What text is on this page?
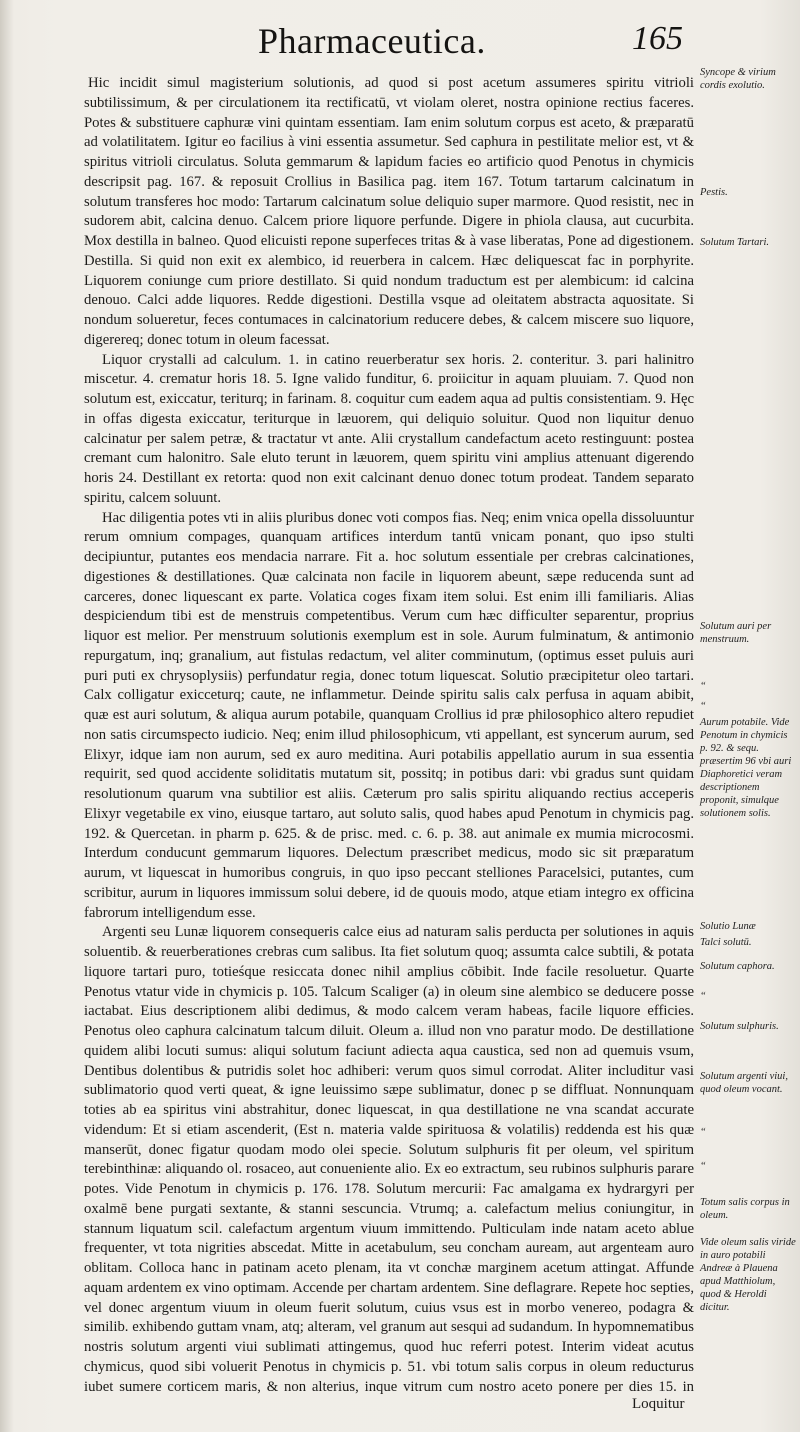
Pharmaceutica.	165

Hic incidit simul magisterium solutionis, ad quod si post acetum assumeres spiritu vitrioli subtilissimum, & per circulationem ita rectificatū, vt violam oleret, nostra opinione rectius faceres. Potes & substituere caphuræ vini quintam essentiam. Iam enim solutum corpus est aceto, & præparatū ad volatilitatem. Igitur eo facilius à vini essentia assumetur. Sed caphura in pestilitate melior est, vt & spiritus vitrioli circulatus. Soluta gemmarum & lapidum facies eo artificio quod Penotus in chymicis descripsit pag. 167. & reposuit Crollius in Basilica pag. item 167. Totum tartarum calcinatum in solutum transferes hoc modo: Tartarum calcinatum solue deliquio super marmore. Quod resistit, nec in sudorem abit, calcina denuo. Calcem priore liquore perfunde. Digere in phiola clausa, aut cucurbita. Mox destilla in balneo. Quod elicuisti repone superfeces tritas & à vase liberatas, Pone ad digestionem. Destilla. Si quid non exit ex alembico, id reuerbera in calcem. Hæc deliquescat fac in porphyrite. Liquorem coniunge cum priore destillato. Si quid nondum traductum est per alembicum: id calcina denouo. Calci adde liquores. Redde digestioni. Destilla vsque ad oleitatem abstracta aquositate. Si nondum solueretur, feces contumaces in calcinatorium reducere debes, & calcem miscere suo liquore, digerereq; donec totum in oleum facessat.

Liquor crystalli ad calculum. 1. in catino reuerberatur sex horis. 2. conteritur. 3. pari halinitro miscetur. 4. crematur horis 18. 5. Igne valido funditur, 6. proiicitur in aquam pluuiam. 7. Quod non solutum est, exiccatur, teriturq; in farinam. 8. coquitur cum eadem aqua ad pultis consistentiam. 9. Hęc in offas digesta exiccatur, teriturque in læuorem, qui deliquio soluitur. Quod non liquitur denuo calcinatur per salem petræ, & tractatur vt ante. Alii crystallum candefactum aceto restinguunt: postea cremant cum halonitro. Sale eluto terunt in læuorem, quem spiritu vini amplius attenuant digerendo horis 24. Destillant ex retorta: quod non exit calcinant denuo donec totum prodeat. Tandem separato spiritu, calcem soluunt.

Hac diligentia potes vti in aliis pluribus donec voti compos fias. Neq; enim vnica opella dissoluuntur rerum omnium compages, quanquam artifices interdum tantū vnicam ponant, quo ipso stulti decipiuntur, putantes eos mendacia narrare. Fit a. hoc solutum essentiale per crebras calcinationes, digestiones & destillationes. Quæ calcinata non facile in liquorem abeunt, sæpe reducenda sunt ad carceres, donec liquescant ex parte. Volatica coges fixam item solui. Est enim illi familiaris. Alias despiciendum tibi est de menstruis competentibus. Verum cum hæc difficulter separentur, proprius liquor est melior. Per menstruum solutionis exemplum est in sole. Aurum fulminatum, & antimonio repurgatum, inq; granalium, aut fistulas redactum, vel aliter comminutum, (optimus esset puluis auri puri puti ex chrysoplysiis) perfundatur regia, donec totum liquescat. Solutio præcipitetur oleo tartari. Calx colligatur exicceturq; caute, ne inflammetur. Deinde spiritu salis calx perfusa in aquam abibit, quæ est auri solutum, & aliqua aurum potabile, quanquam Crollius id præ philosophico altero repudiet non satis circumspecto iudicio. Neq; enim illud philosophicum, vti appellant, est syncerum aurum, sed Elixyr, idque iam non aurum, sed ex auro meditina. Auri potabilis appellatio aurum in sua essentia requirit, sed quod accidente soliditatis mutatum sit, possitq; in potibus dari: vbi gradus sunt quidam resolutionum quarum vna subtilior est aliis. Cæterum pro salis spiritu aliquando rectius acceperis Elixyr vegetabile ex vino, eiusque tartaro, aut soluto salis, quod habes apud Penotum in chymicis pag. 192. & Quercetan. in pharm p. 625. & de prisc. med. c. 6. p. 38. aut animale ex mumia microcosmi. Interdum conducunt gemmarum liquores. Delectum præscribet medicus, modo sic sit præparatum aurum, vt liquescat in humoribus congruis, in quo ipso peccant stelliones Paracelsici, putantes, cum scribitur, aurum in liquores immissum solui debere, id de quouis modo, atque etiam integro ex officina fabrorum intelligendum esse.

Argenti seu Lunæ liquorem consequeris calce eius ad naturam salis perducta per solutiones in aquis soluentib. & reuerberationes crebras cum salibus. Ita fiet solutum quoq; assumta calce subtili, & potata liquore tartari puro, totieśque resiccata donec nihil amplius cōbibit. Inde facile resoluetur. Quarte Penotus vtatur vide in chymicis p. 105. Talcum Scaliger (a) in oleum sine alembico se deducere posse iactabat. Eius descriptionem alibi dedimus, & modo calcem veram habeas, facile liquore efficies. Penotus oleo caphura calcinatum talcum diluit. Oleum a. illud non vno paratur modo. De destillatione quidem alibi locuti sumus: aliqui solutum faciunt adiecta aqua caustica, sed non ad quemuis vsum, Dentibus dolentibus & putridis solet hoc adhiberi: verum quos simul corrodat. Aliter includitur vasi sublimatorio quod verti queat, & igne leuissimo sæpe sublimatur, donec p se diffluat. Nonnunquam toties ab ea spiritus vini abstrahitur, donec liquescat, in qua destillatione ne vna scandat accurate videndum: Et si etiam ascenderit, (Est n. materia valde spirituosa & volatilis) reddenda est his quæ manserūt, donec figatur quodam modo olei specie. Solutum sulphuris fit per oleum, vel spiritum terebinthinæ: aliquando ol. rosaceo, aut conueniente alio. Ex eo extractum, seu rubinos sulphuris parare potes. Vide Penotum in chymicis p. 176. 178. Solutum mercurii: Fac amalgama ex hydrargyri per oxalmē bene purgati sextante, & stanni sescuncia. Vtrumq; a. calefactum melius coniungitur, in stannum liquatum scil. calefactum argentum viuum immittendo. Pulticulam inde natam aceto ablue frequenter, vt tota nigrities abscedat. Mitte in acetabulum, seu concham auream, aut argenteam auro oblitam. Colloca hanc in patinam aceto plenam, ita vt conchæ marginem acetum attingat. Affunde aquam ardentem ex vino optimam. Accende per chartam ardentem. Sine deflagrare. Repete hoc septies, vel donec argentum viuum in oleum fuerit solutum, cuius vsus est in morbo venereo, podagra & similib. exhibendo guttam vnam, atq; alteram, vel granum aut sesqui ad sudandum. In hypomnematibus nostris solutum argenti viui sublimati attingemus, quod huc referri potest. Interim videat acutus chymicus, quod sibi voluerit Penotus in chymicis p. 51. vbi totum salis corpus in oleum reducturus iubet sumere corticem maris, & non alterius, inque vitrum cum nostro aceto ponere per dies 15. in

Syncope & virium cordis exolutio.
Pestis.
Solutum Tartari.
Solutum auri per menstruum.
“
“
Aurum potabile. Vide Penotum in chymicis p. 92. & sequ. præsertim 96 vbi auri Diaphoretici veram descriptionem proponit, simulque solutionem solis.
Solutio Lunæ
Talci solutū.
Solutum caphora.
“
Solutum sulphuris.
Solutum argenti viui, quod oleum vocant.
“
“
Totum salis corpus in oleum.
Vide oleum salis viride in auro potabili Andreæ à Plauena apud Matthiolum, quod & Heroldi dicitur.
Loquitur
